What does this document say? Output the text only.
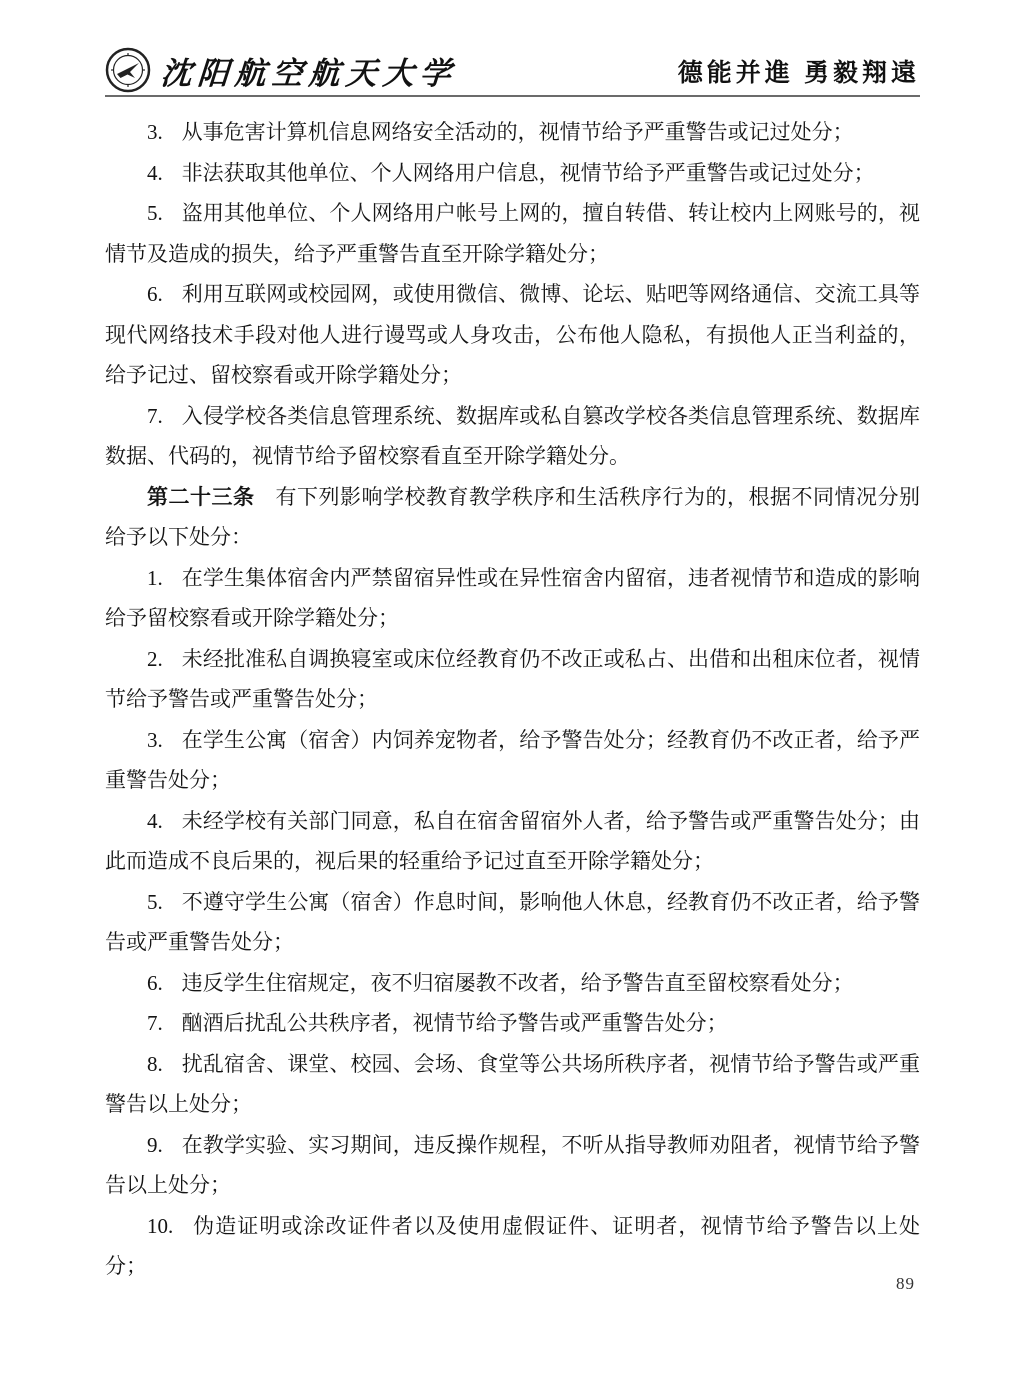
沈阳航空航天大学	德能并進 勇毅翔遠

3. 从事危害计算机信息网络安全活动的，视情节给予严重警告或记过处分；

4. 非法获取其他单位、个人网络用户信息，视情节给予严重警告或记过处分；

5. 盗用其他单位、个人网络用户帐号上网的，擅自转借、转让校内上网账号的，视情节及造成的损失，给予严重警告直至开除学籍处分；

6. 利用互联网或校园网，或使用微信、微博、论坛、贴吧等网络通信、交流工具等现代网络技术手段对他人进行谩骂或人身攻击，公布他人隐私，有损他人正当利益的，给予记过、留校察看或开除学籍处分；

7. 入侵学校各类信息管理系统、数据库或私自篡改学校各类信息管理系统、数据库数据、代码的，视情节给予留校察看直至开除学籍处分。

第二十三条 有下列影响学校教育教学秩序和生活秩序行为的，根据不同情况分别给予以下处分：

1. 在学生集体宿舍内严禁留宿异性或在异性宿舍内留宿，违者视情节和造成的影响给予留校察看或开除学籍处分；

2. 未经批准私自调换寝室或床位经教育仍不改正或私占、出借和出租床位者，视情节给予警告或严重警告处分；

3. 在学生公寓（宿舍）内饲养宠物者，给予警告处分；经教育仍不改正者，给予严重警告处分；

4. 未经学校有关部门同意，私自在宿舍留宿外人者，给予警告或严重警告处分；由此而造成不良后果的，视后果的轻重给予记过直至开除学籍处分；

5. 不遵守学生公寓（宿舍）作息时间，影响他人休息，经教育仍不改正者，给予警告或严重警告处分；

6. 违反学生住宿规定，夜不归宿屡教不改者，给予警告直至留校察看处分；

7. 酗酒后扰乱公共秩序者，视情节给予警告或严重警告处分；

8. 扰乱宿舍、课堂、校园、会场、食堂等公共场所秩序者，视情节给予警告或严重警告以上处分；

9. 在教学实验、实习期间，违反操作规程，不听从指导教师劝阻者，视情节给予警告以上处分；

10. 伪造证明或涂改证件者以及使用虚假证件、证明者，视情节给予警告以上处分；

89
